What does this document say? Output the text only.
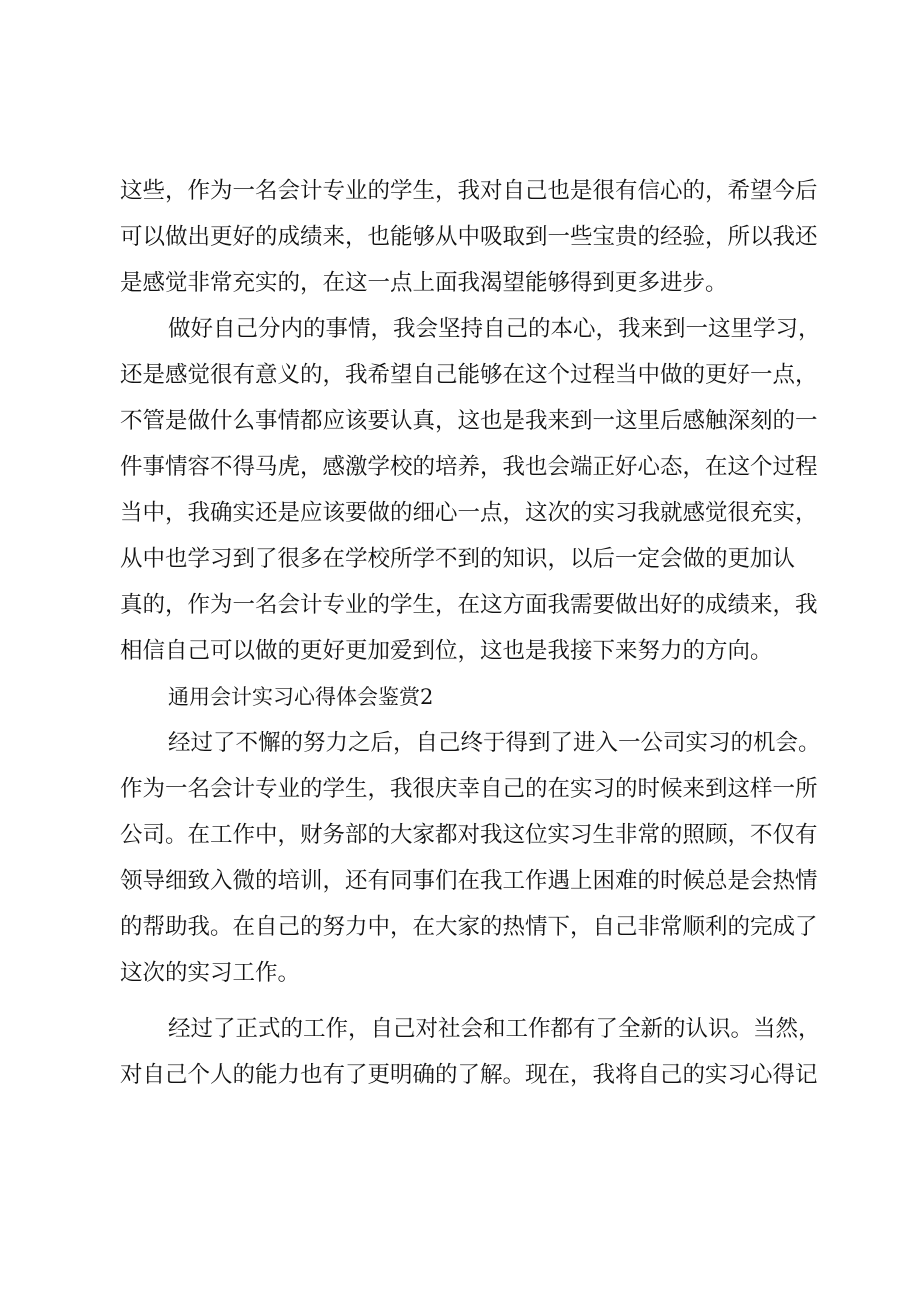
这些，作为一名会计专业的学生，我对自己也是很有信心的，希望今后
可以做出更好的成绩来，也能够从中吸取到一些宝贵的经验，所以我还
是感觉非常充实的，在这一点上面我渴望能够得到更多进步。
做好自己分内的事情，我会坚持自己的本心，我来到一这里学习，
还是感觉很有意义的，我希望自己能够在这个过程当中做的更好一点，
不管是做什么事情都应该要认真，这也是我来到一这里后感触深刻的一
件事情容不得马虎，感激学校的培养，我也会端正好心态，在这个过程
当中，我确实还是应该要做的细心一点，这次的实习我就感觉很充实，
从中也学习到了很多在学校所学不到的知识，以后一定会做的更加认
真的，作为一名会计专业的学生，在这方面我需要做出好的成绩来，我
相信自己可以做的更好更加爱到位，这也是我接下来努力的方向。
通用会计实习心得体会鉴赏2
经过了不懈的努力之后，自己终于得到了进入一公司实习的机会。
作为一名会计专业的学生，我很庆幸自己的在实习的时候来到这样一所
公司。在工作中，财务部的大家都对我这位实习生非常的照顾，不仅有
领导细致入微的培训，还有同事们在我工作遇上困难的时候总是会热情
的帮助我。在自己的努力中，在大家的热情下，自己非常顺利的完成了
这次的实习工作。
经过了正式的工作，自己对社会和工作都有了全新的认识。当然，
对自己个人的能力也有了更明确的了解。现在，我将自己的实习心得记
